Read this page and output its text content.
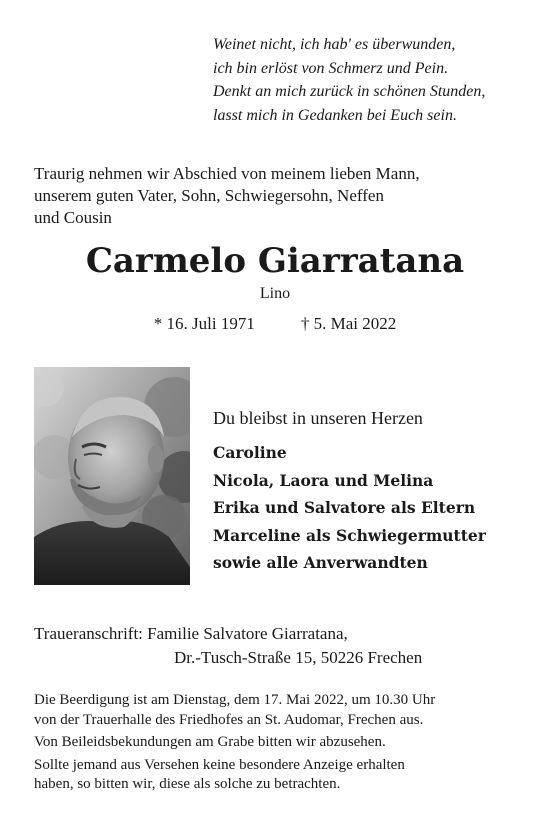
Weinet nicht, ich hab' es überwunden,
ich bin erlöst von Schmerz und Pein.
Denkt an mich zurück in schönen Stunden,
lasst mich in Gedanken bei Euch sein.
Traurig nehmen wir Abschied von meinem lieben Mann,
unserem guten Vater, Sohn, Schwiegersohn, Neffen
und Cousin
Carmelo Giarratana
Lino
* 16. Juli 1971	† 5. Mai 2022
Du bleibst in unseren Herzen
Caroline
Nicola, Laora und Melina
Erika und Salvatore als Eltern
Marceline als Schwiegermutter
sowie alle Anverwandten
Traueranschrift: Familie Salvatore Giarratana,
Dr.-Tusch-Straße 15, 50226 Frechen

Die Beerdigung ist am Dienstag, dem 17. Mai 2022, um 10.30 Uhr
von der Trauerhalle des Friedhofes an St. Audomar, Frechen aus.

Von Beileidsbekundungen am Grabe bitten wir abzusehen.

Sollte jemand aus Versehen keine besondere Anzeige erhalten
haben, so bitten wir, diese als solche zu betrachten.
